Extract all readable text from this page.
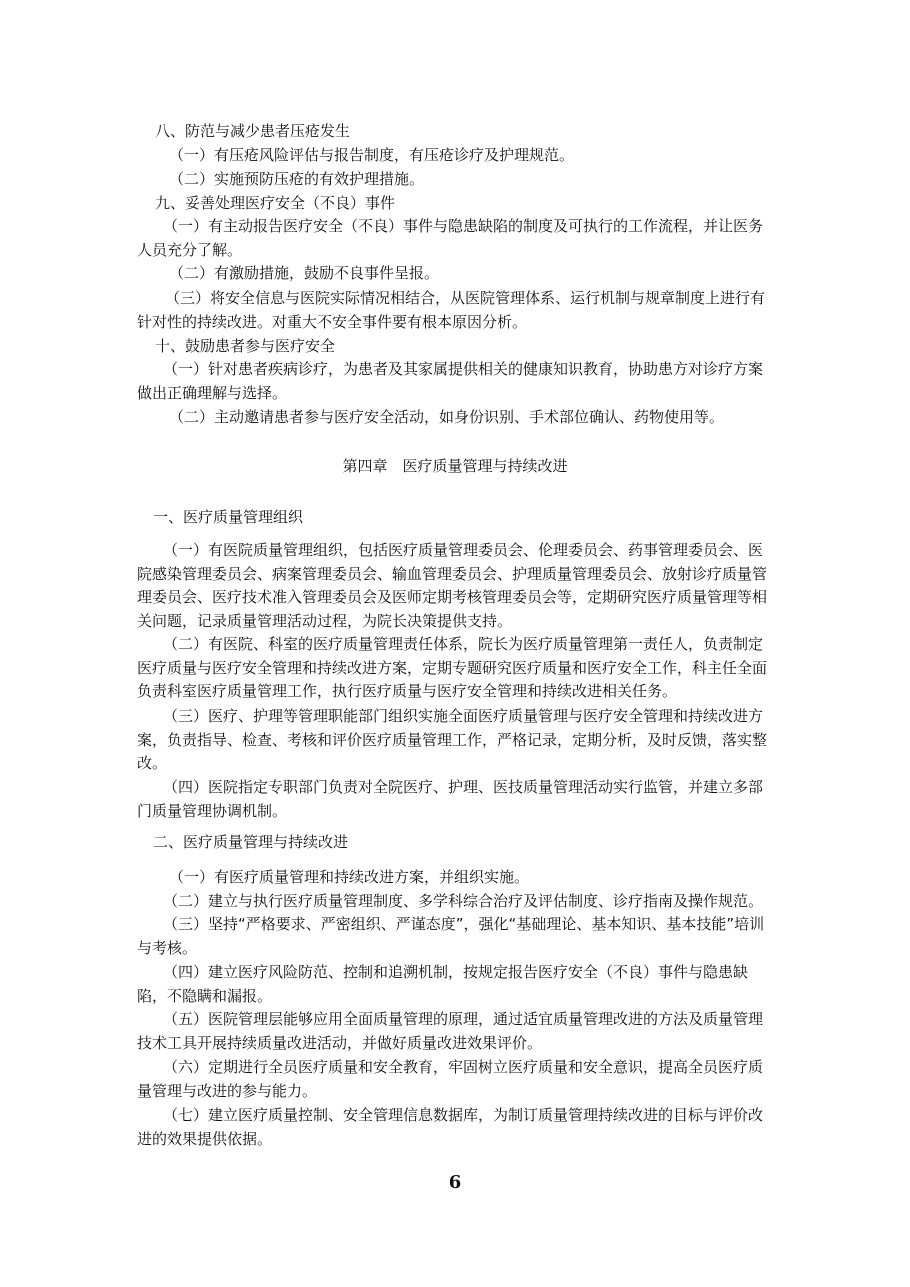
八、防范与减少患者压疮发生

（一）有压疮风险评估与报告制度，有压疮诊疗及护理规范。

（二）实施预防压疮的有效护理措施。

九、妥善处理医疗安全（不良）事件

（一）有主动报告医疗安全（不良）事件与隐患缺陷的制度及可执行的工作流程，并让医务人员充分了解。

（二）有激励措施，鼓励不良事件呈报。

（三）将安全信息与医院实际情况相结合，从医院管理体系、运行机制与规章制度上进行有针对性的持续改进。对重大不安全事件要有根本原因分析。

十、鼓励患者参与医疗安全

（一）针对患者疾病诊疗，为患者及其家属提供相关的健康知识教育，协助患方对诊疗方案做出正确理解与选择。

（二）主动邀请患者参与医疗安全活动，如身份识别、手术部位确认、药物使用等。

第四章　医疗质量管理与持续改进

一、医疗质量管理组织

（一）有医院质量管理组织，包括医疗质量管理委员会、伦理委员会、药事管理委员会、医院感染管理委员会、病案管理委员会、输血管理委员会、护理质量管理委员会、放射诊疗质量管理委员会、医疗技术准入管理委员会及医师定期考核管理委员会等，定期研究医疗质量管理等相关问题，记录质量管理活动过程，为院长决策提供支持。

（二）有医院、科室的医疗质量管理责任体系，院长为医疗质量管理第一责任人，负责制定医疗质量与医疗安全管理和持续改进方案，定期专题研究医疗质量和医疗安全工作，科主任全面负责科室医疗质量管理工作，执行医疗质量与医疗安全管理和持续改进相关任务。

（三）医疗、护理等管理职能部门组织实施全面医疗质量管理与医疗安全管理和持续改进方案，负责指导、检查、考核和评价医疗质量管理工作，严格记录，定期分析，及时反馈，落实整改。

（四）医院指定专职部门负责对全院医疗、护理、医技质量管理活动实行监管，并建立多部门质量管理协调机制。

二、医疗质量管理与持续改进

（一）有医疗质量管理和持续改进方案，并组织实施。

（二）建立与执行医疗质量管理制度、多学科综合治疗及评估制度、诊疗指南及操作规范。

（三）坚持“严格要求、严密组织、严谨态度”，强化“基础理论、基本知识、基本技能”培训与考核。

（四）建立医疗风险防范、控制和追溯机制，按规定报告医疗安全（不良）事件与隐患缺陷，不隐瞒和漏报。

（五）医院管理层能够应用全面质量管理的原理，通过适宜质量管理改进的方法及质量管理技术工具开展持续质量改进活动，并做好质量改进效果评价。

（六）定期进行全员医疗质量和安全教育，牢固树立医疗质量和安全意识，提高全员医疗质量管理与改进的参与能力。

（七）建立医疗质量控制、安全管理信息数据库，为制订质量管理持续改进的目标与评价改进的效果提供依据。

6
